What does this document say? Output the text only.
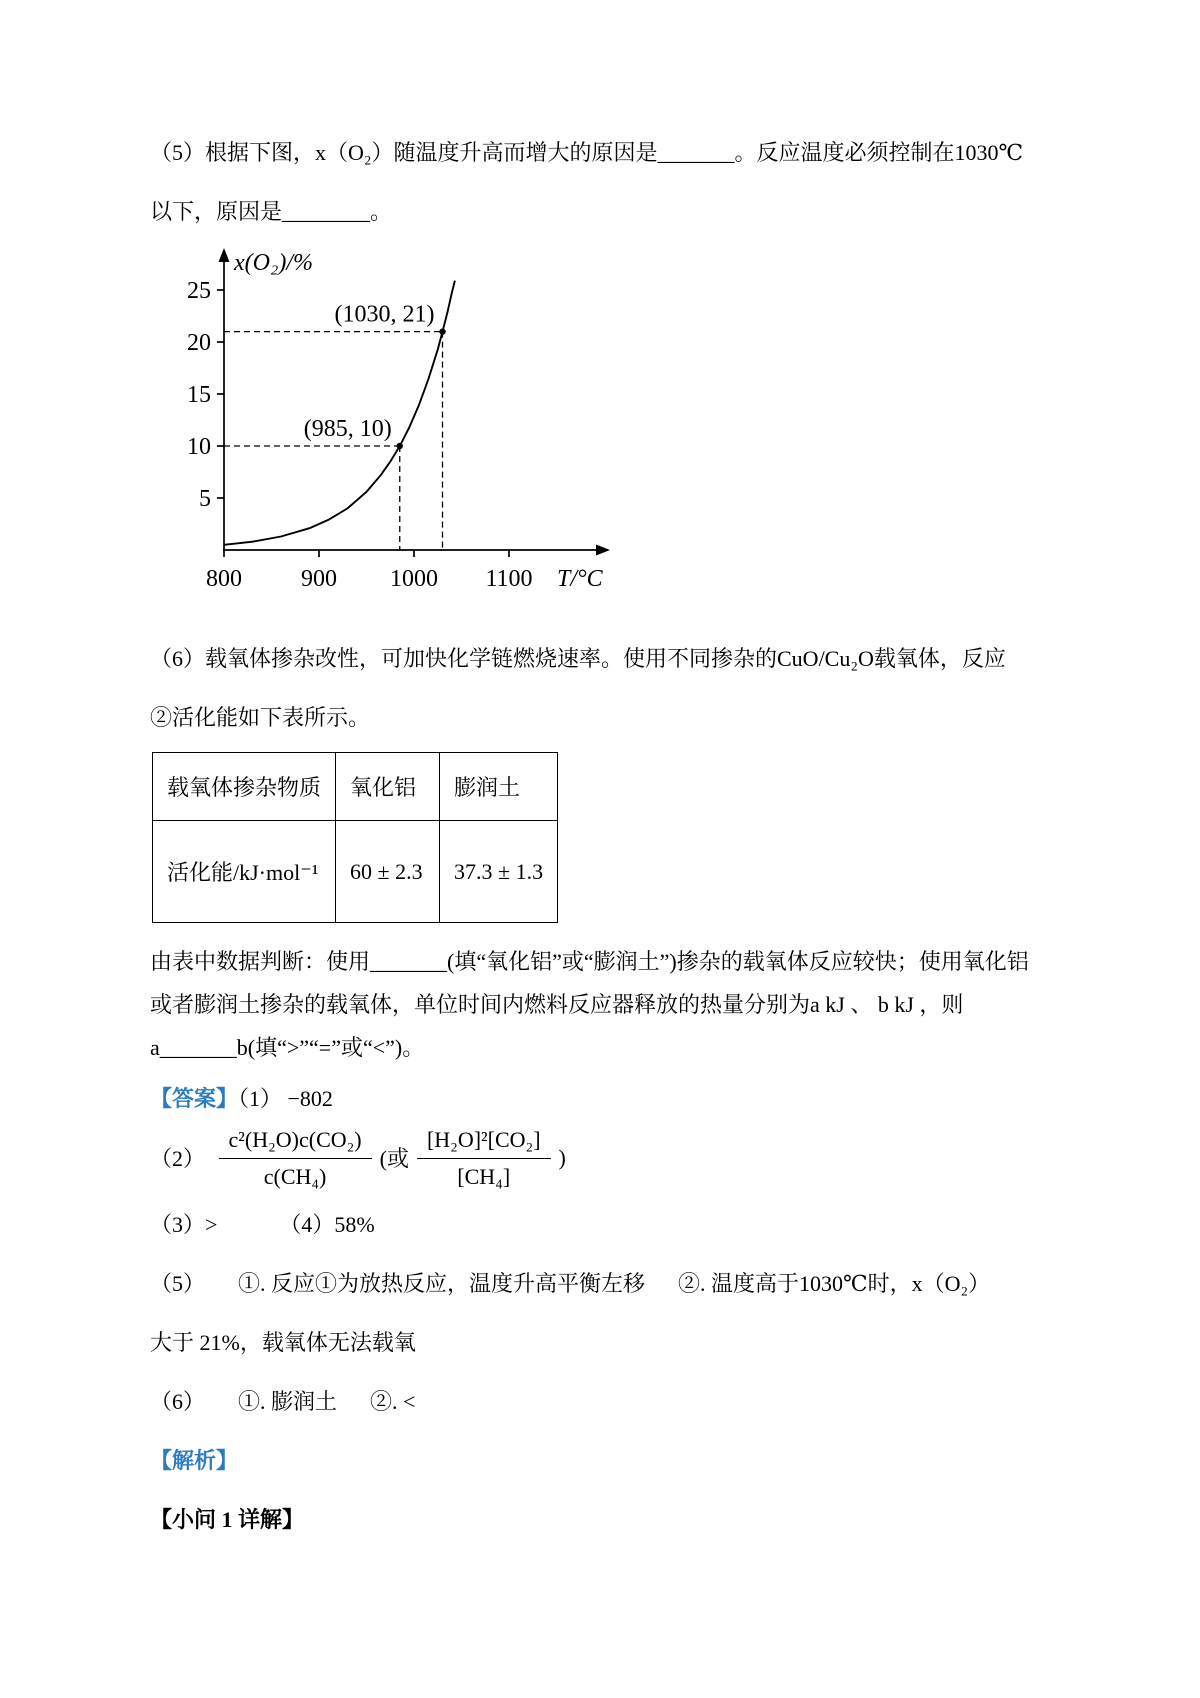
（5）根据下图，x（O₂）随温度升高而增大的原因是_______。反应温度必须控制在1030℃

以下，原因是________。

(985, 10)
(1030, 21)
5
10
15
20
25
800 900 1000 1100
x(O₂)/%
T/°C

（6）载氧体掺杂改性，可加快化学链燃烧速率。使用不同掺杂的CuO/Cu₂O载氧体，反应

②活化能如下表所示。

载氧体掺杂物质	氧化铝	膨润土
活化能/kJ·mol⁻¹	60 ± 2.3	37.3 ± 1.3

由表中数据判断：使用_______(填“氧化铝”或“膨润土”)掺杂的载氧体反应较快；使用氧化铝

或者膨润土掺杂的载氧体，单位时间内燃料反应器释放的热量分别为a kJ 、 b kJ ，则

a_______b(填“>”“=”或“<”)。

【答案】（1） −802

$(2) \frac{\text{c²(H₂O)c(CO₂)}}{\text{c(CH₄)}}$ (或 $\frac{\text{[H₂O]²[CO₂]}}{\text{[CH₄]}}$ )

（3）>	（4）58%

（5）      ①. 反应①为放热反应，温度升高平衡左移      ②. 温度高于1030℃时，x（O₂）

大于 21%，载氧体无法载氧

（6）      ①. 膨润土      ②. <

【解析】

【小问 1 详解】
